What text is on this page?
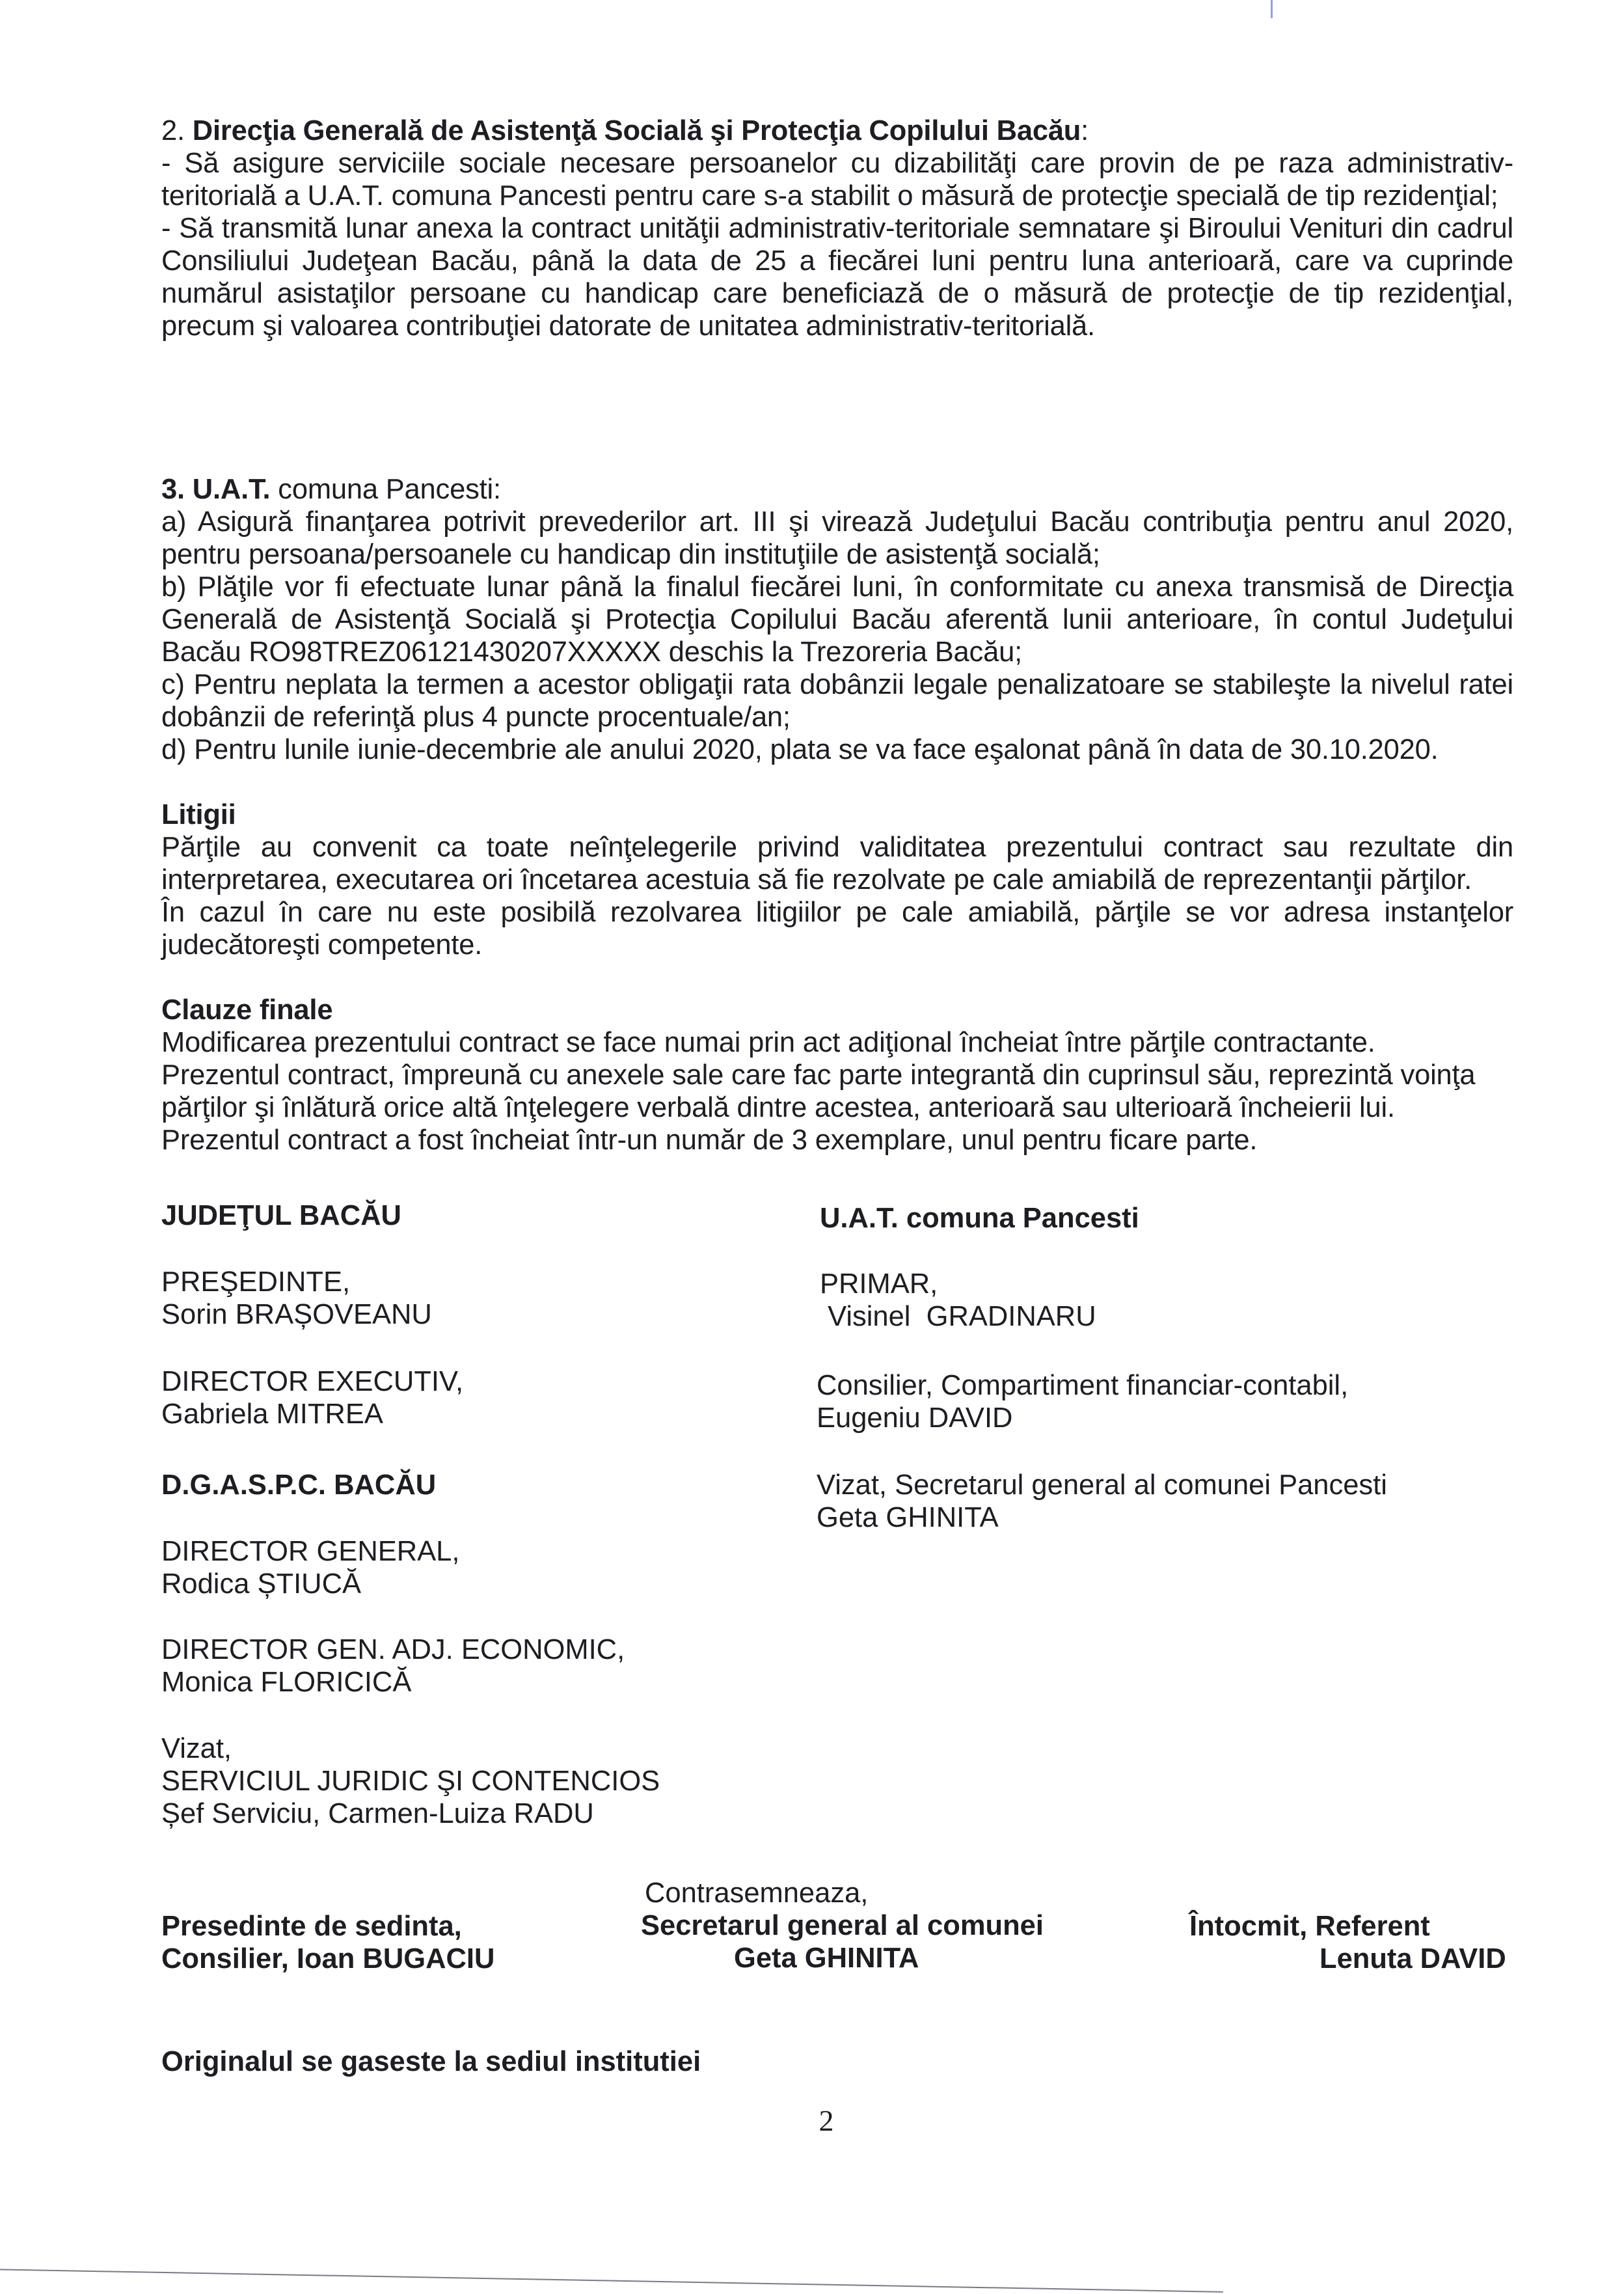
2. Direcţia Generală de Asistenţă Socială şi Protecţia Copilului Bacău:
- Să asigure serviciile sociale necesare persoanelor cu dizabilităţi care provin de pe raza administrativ-teritorială a U.A.T. comuna Pancesti pentru care s-a stabilit o măsură de protecţie specială de tip rezidenţial;
- Să transmită lunar anexa la contract unităţii administrativ-teritoriale semnatare şi Biroului Venituri din cadrul Consiliului Judeţean Bacău, până la data de 25 a fiecărei luni pentru luna anterioară, care va cuprinde numărul asistaţilor persoane cu handicap care beneficiază de o măsură de protecţie de tip rezidenţial, precum şi valoarea contribuţiei datorate de unitatea administrativ-teritorială.
3. U.A.T. comuna Pancesti:
a) Asigură finanţarea potrivit prevederilor art. III şi virează Judeţului Bacău contribuţia pentru anul 2020, pentru persoana/persoanele cu handicap din instituţiile de asistenţă socială;
b) Plăţile vor fi efectuate lunar până la finalul fiecărei luni, în conformitate cu anexa transmisă de Direcţia Generală de Asistenţă Socială şi Protecţia Copilului Bacău aferentă lunii anterioare, în contul Judeţului Bacău RO98TREZ06121430207XXXXX deschis la Trezoreria Bacău;
c) Pentru neplata la termen a acestor obligaţii rata dobânzii legale penalizatoare se stabileşte la nivelul ratei dobânzii de referinţă plus 4 puncte procentuale/an;
d) Pentru lunile iunie-decembrie ale anului 2020, plata se va face eşalonat până în data de 30.10.2020.
Litigii
Părţile au convenit ca toate neînţelegerile privind validitatea prezentului contract sau rezultate din interpretarea, executarea ori încetarea acestuia să fie rezolvate pe cale amiabilă de reprezentanţii părţilor.
În cazul în care nu este posibilă rezolvarea litigiilor pe cale amiabilă, părţile se vor adresa instanţelor judecătoreşti competente.
Clauze finale
Modificarea prezentului contract se face numai prin act adiţional încheiat între părţile contractante.
Prezentul contract, împreună cu anexele sale care fac parte integrantă din cuprinsul său, reprezintă voinţa
părţilor şi înlătură orice altă înţelegere verbală dintre acestea, anterioară sau ulterioară încheierii lui.
Prezentul contract a fost încheiat într-un număr de 3 exemplare, unul pentru ficare parte.
JUDEŢUL BACĂU
PREŞEDINTE,
Sorin BRAȘOVEANU
DIRECTOR EXECUTIV,
Gabriela MITREA
D.G.A.S.P.C. BACĂU
DIRECTOR GENERAL,
Rodica ȘTIUCĂ
DIRECTOR GEN. ADJ. ECONOMIC,
Monica FLORICICĂ
Vizat,
SERVICIUL JURIDIC ŞI CONTENCIOS
Șef Serviciu, Carmen-Luiza RADU
U.A.T. comuna Pancesti
PRIMAR,
Visinel  GRADINARU
Consilier, Compartiment financiar-contabil,
Eugeniu DAVID
Vizat, Secretarul general al comunei Pancesti
Geta GHINITA
Presedinte de sedinta,
Consilier, Ioan BUGACIU
Contrasemneaza,
Secretarul general al comunei
Geta GHINITA
Întocmit, Referent
Lenuta DAVID
Originalul se gaseste la sediul institutiei
2
